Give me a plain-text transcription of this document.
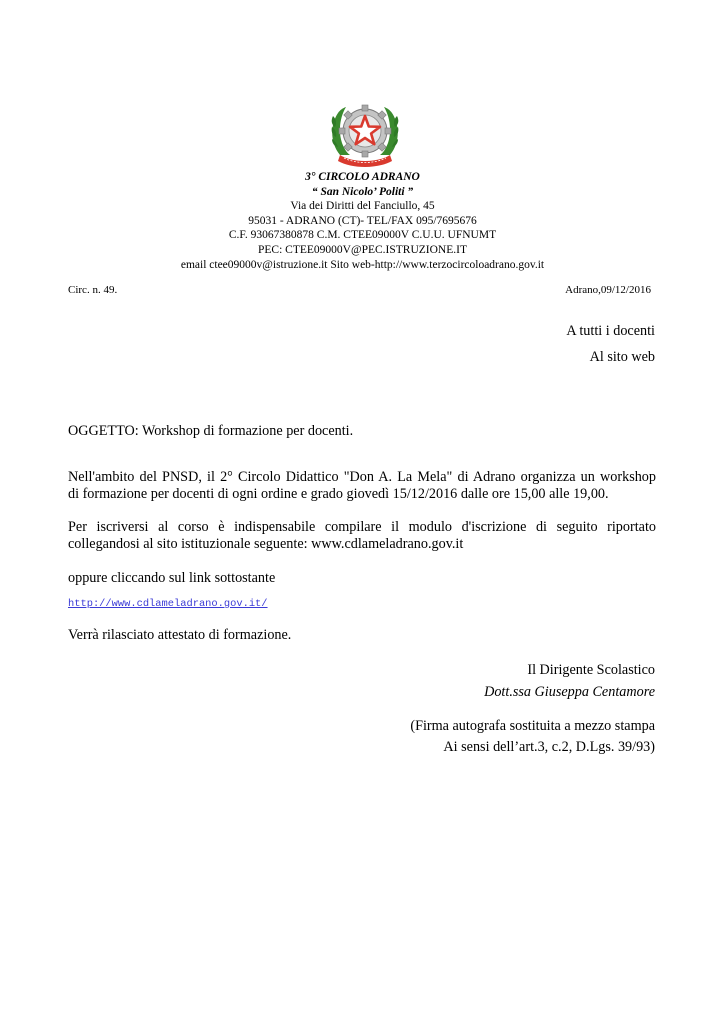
3° CIRCOLO ADRANO
“ San Nicolo’ Politi ”
Via dei Diritti del Fanciullo, 45
95031 - ADRANO (CT)- TEL/FAX 095/7695676
C.F. 93067380878 C.M. CTEE09000V C.U.U. UFNUMT
PEC: CTEE09000V@PEC.ISTRUZIONE.IT
email ctee09000v@istruzione.it Sito web-http://www.terzocircoloadrano.gov.it
Circ. n. 49.	Adrano,09/12/2016
A tutti i docenti
Al sito web
OGGETTO: Workshop di formazione per docenti.
Nell'ambito del PNSD, il 2° Circolo Didattico "Don A. La Mela" di Adrano organizza un workshop
di formazione per docenti di ogni ordine e grado giovedì 15/12/2016 dalle ore 15,00 alle 19,00.
Per iscriversi al corso è indispensabile compilare il modulo d'iscrizione di seguito riportato
collegandosi al sito istituzionale seguente: www.cdlameladrano.gov.it
oppure cliccando sul link sottostante
http://www.cdlameladrano.gov.it/
Verrà rilasciato attestato di formazione.
Il Dirigente Scolastico
Dott.ssa Giuseppa Centamore
(Firma autografa sostituita a mezzo stampa
Ai sensi dell’art.3, c.2, D.Lgs. 39/93)
